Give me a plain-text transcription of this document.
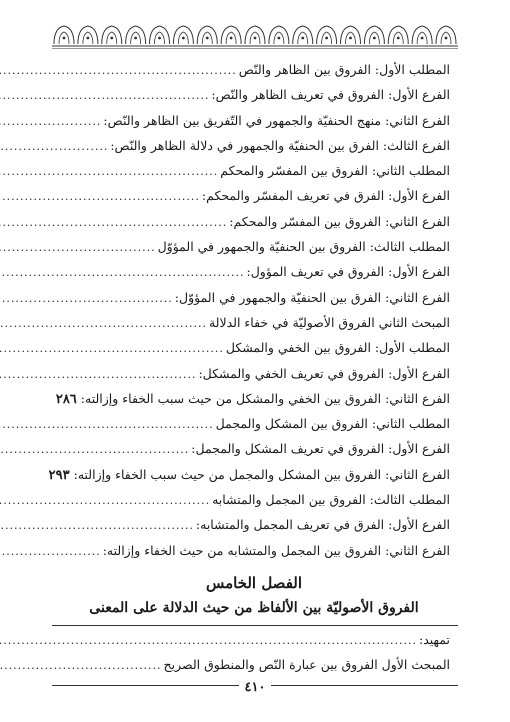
المطلب الأول: الفروق بين الظاهر والنّص
.....
الفرع الأول: الفروق في تعريف الظاهر والنّص:
.....
الفرع الثاني: منهج الحنفيّة والجمهور في التّفريق بين الظاهر والنّص:
.....
الفرع الثالث: الفرق بين الحنفيّة والجمهور في دلالة الظاهر والنّص:
.....
المطلب الثاني: الفروق بين المفسّر والمحكم
.....
الفرع الأول: الفرق في تعريف المفسّر والمحكم:
.....
الفرع الثاني: الفروق بين المفسّر والمحكم:
.....
المطلب الثالث: الفروق بين الحنفيّة والجمهور في المؤوّل
.....
الفرع الأول: الفروق في تعريف المؤول:
.....
الفرع الثاني: الفرق بين الحنفيّة والجمهور في المؤوّل:
.....
المبحث الثاني الفروق الأصوليّة في خفاء الدلالة
.....
المطلب الأول: الفروق بين الخفي والمشكل
.....
الفرع الأول: الفروق في تعريف الخفي والمشكل:
.....
الفرع الثاني: الفروق بين الخفي والمشكل من حيث سبب الخفاء وإزالته:
٢٨٦
المطلب الثاني: الفروق بين المشكل والمجمل
.....
الفرع الأول: الفروق في تعريف المشكل والمجمل:
.....
الفرع الثاني: الفروق بين المشكل والمجمل من حيث سبب الخفاء وإزالته:
٢٩٣
المطلب الثالث: الفروق بين المجمل والمتشابه
.....
الفرع الأول: الفرق في تعريف المجمل والمتشابه:
.....
الفرع الثاني: الفروق بين المجمل والمتشابه من حيث الخفاء وإزالته:
.....
الفصل الخامس
الفروق الأصوليّة بين الألفاظ من حيث الدلالة على المعنى
تمهيد:
.....
المبحث الأول الفروق بين عبارة النّص والمنطوق الصريح
.....
٤١٠
